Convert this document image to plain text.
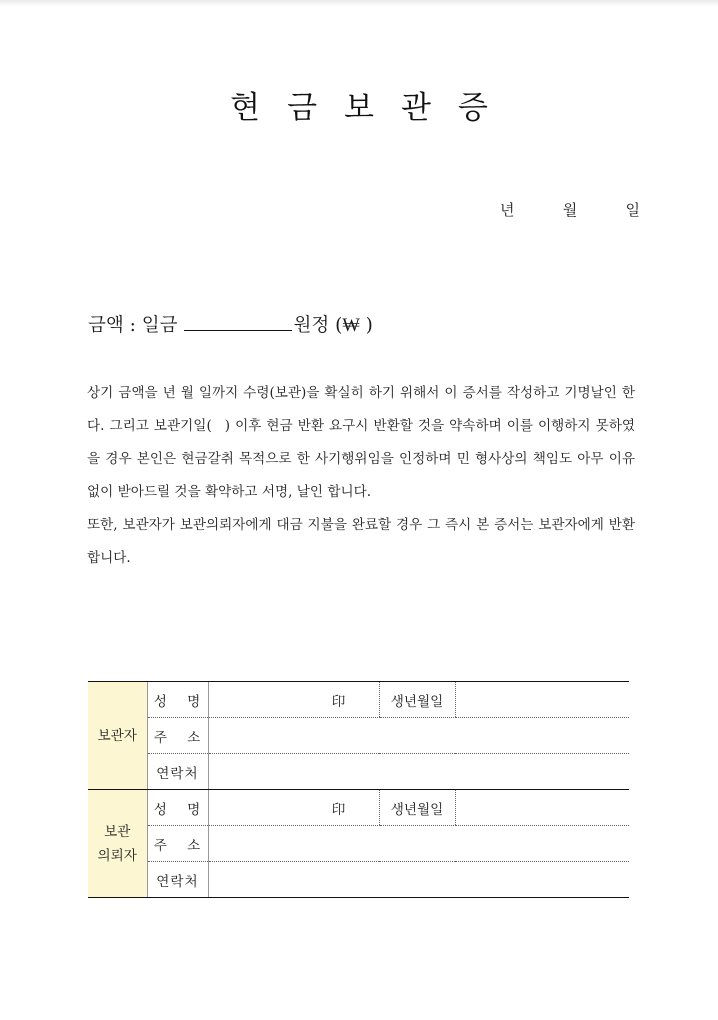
현금보관증
년	월	일
금액 : 일금	원정 (₩ )

상기 금액을 년 월 일까지 수령(보관)을 확실히 하기 위해서 이 증서를 작성하고 기명날인 한다. 그리고 보관기일( ) 이후 현금 반환 요구시 반환할 것을 약속하며 이를 이행하지 못하였을 경우 본인은 현금갈취 목적으로 한 사기행위임을 인정하며 민 형사상의 책임도 아무 이유없이 받아드릴 것을 확약하고 서명, 날인 합니다.

또한, 보관자가 보관의뢰자에게 대금 지불을 완료할 경우 그 즉시 본 증서는 보관자에게 반환 합니다.

보관자	성 명	印	생년월일	
	주 소			
	연락처			
보관
의뢰자	성 명	印	생년월일	
	주 소			
	연락처			
